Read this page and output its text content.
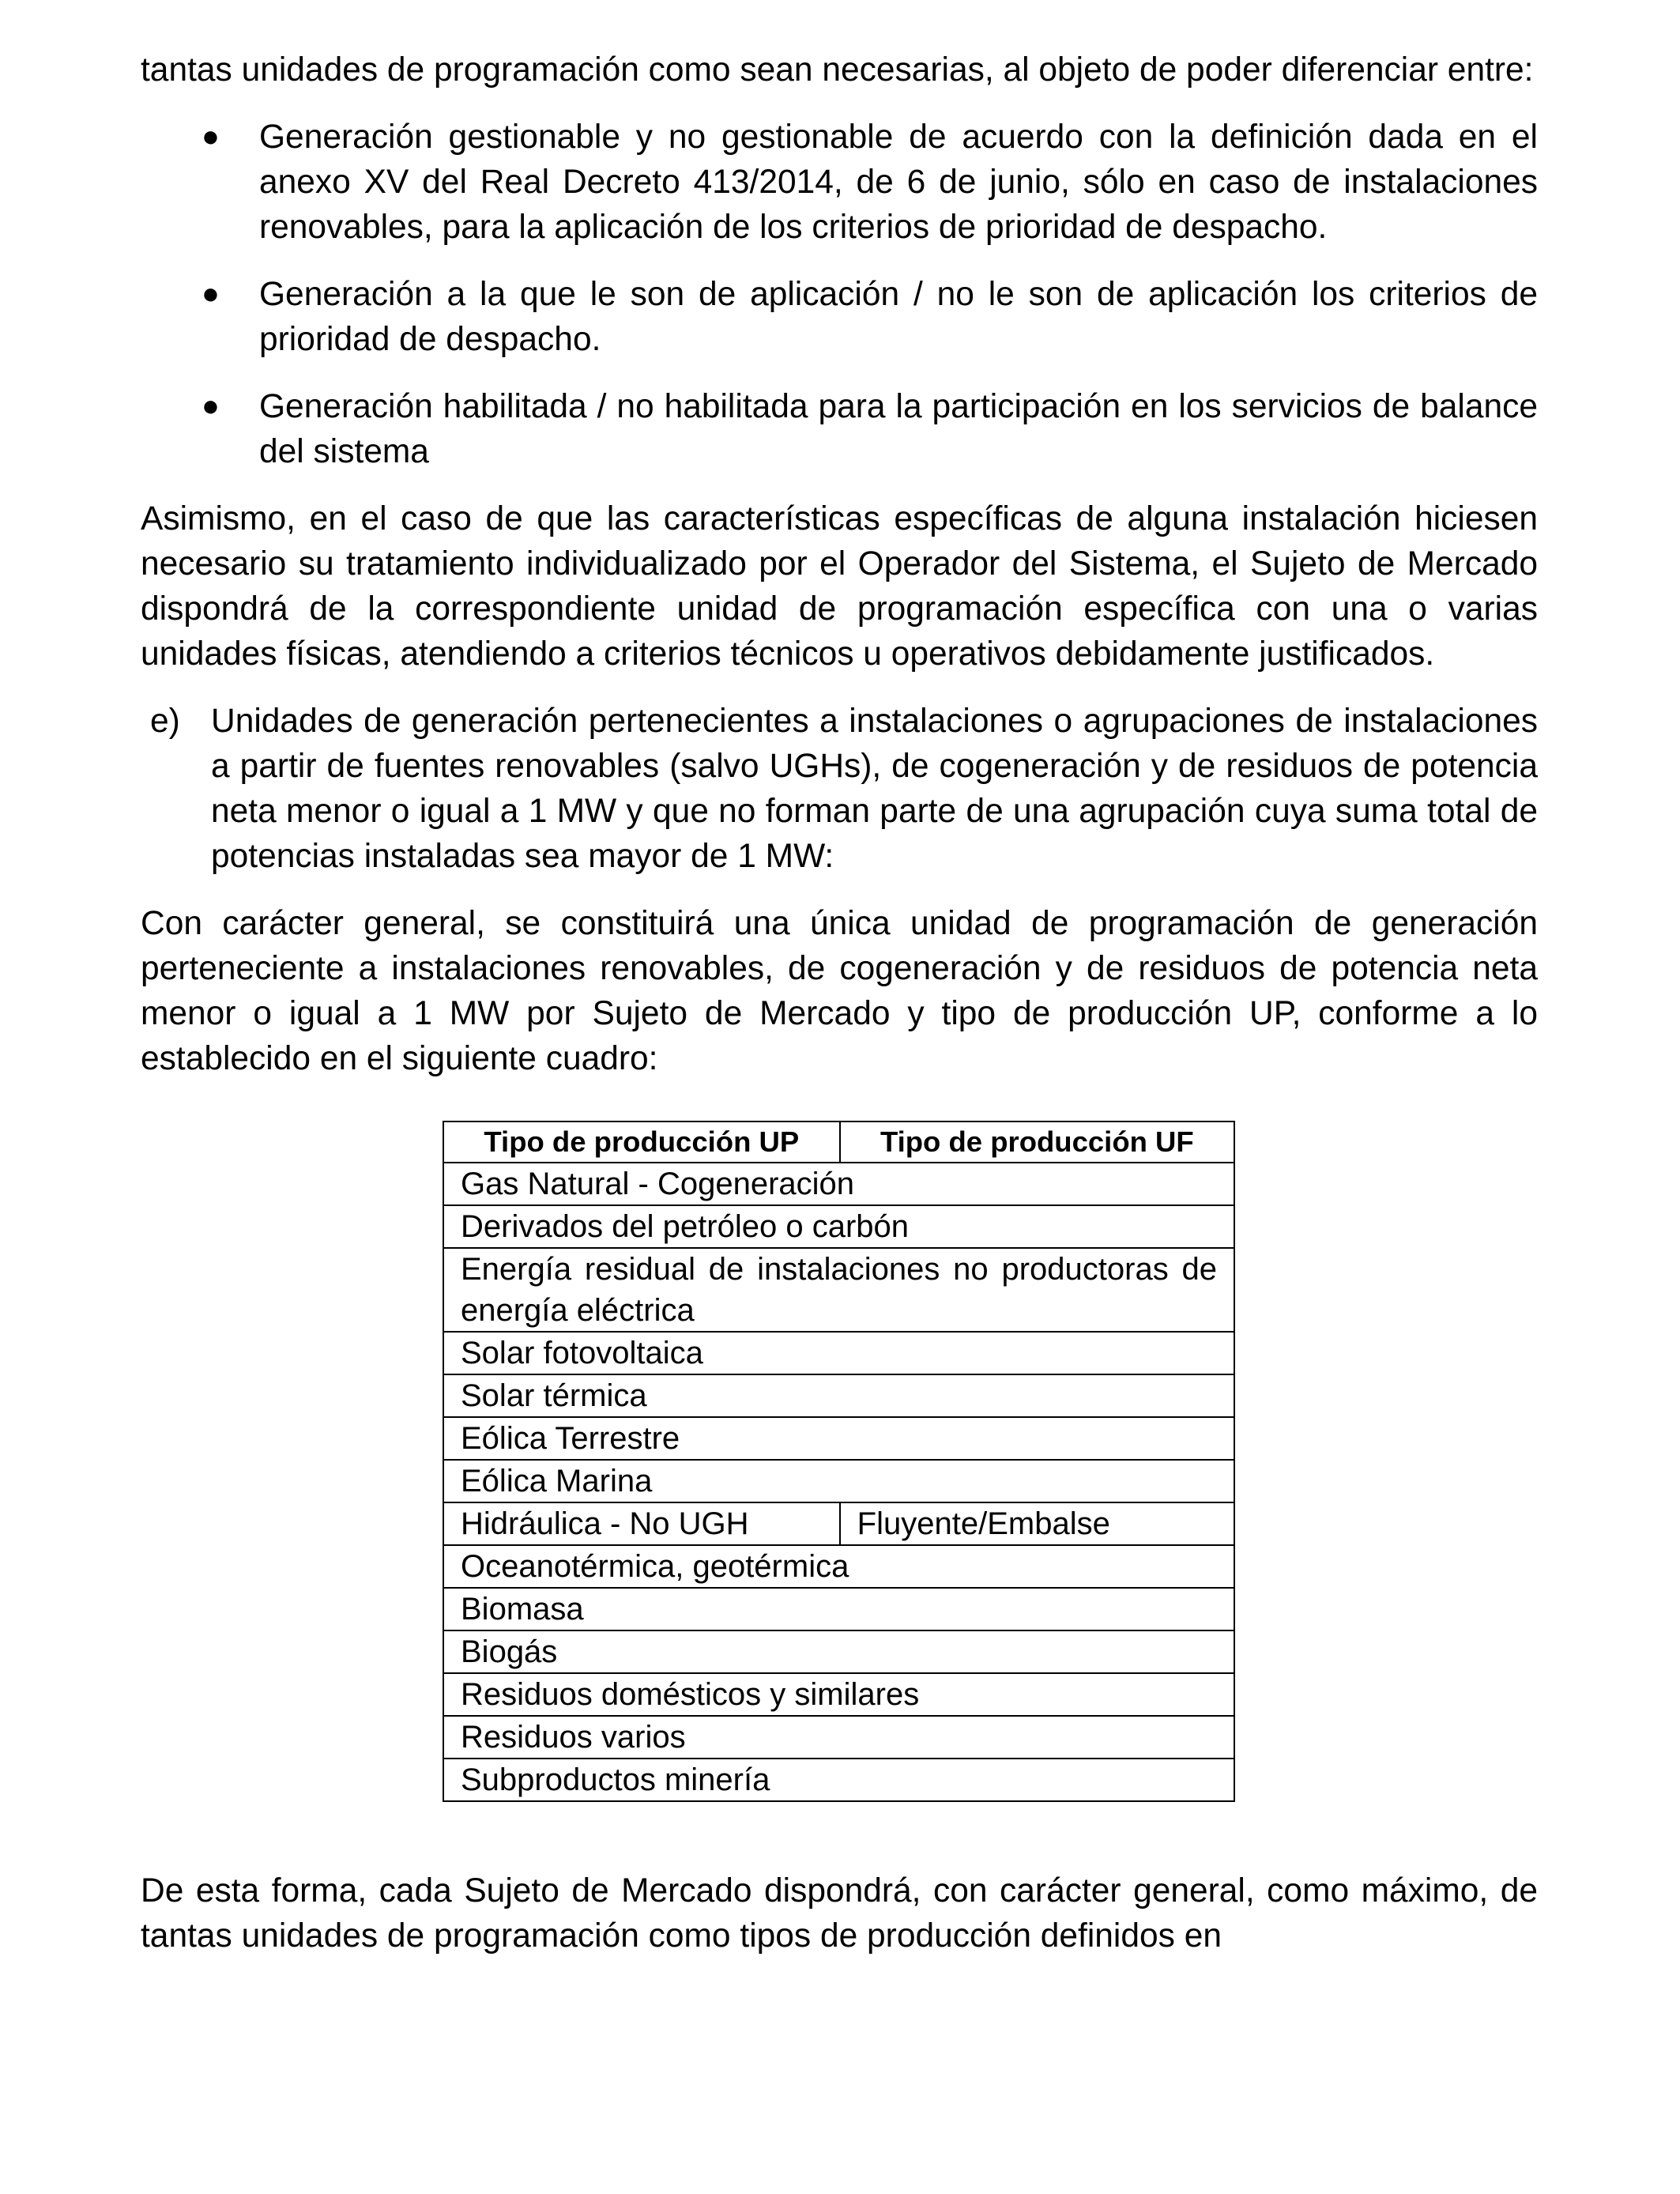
tantas unidades de programación como sean necesarias, al objeto de poder diferenciar entre:

● Generación gestionable y no gestionable de acuerdo con la definición dada en el anexo XV del Real Decreto 413/2014, de 6 de junio, sólo en caso de instalaciones renovables, para la aplicación de los criterios de prioridad de despacho.
● Generación a la que le son de aplicación / no le son de aplicación los criterios de prioridad de despacho.
● Generación habilitada / no habilitada para la participación en los servicios de balance del sistema

Asimismo, en el caso de que las características específicas de alguna instalación hiciesen necesario su tratamiento individualizado por el Operador del Sistema, el Sujeto de Mercado dispondrá de la correspondiente unidad de programación específica con una o varias unidades físicas, atendiendo a criterios técnicos u operativos debidamente justificados.

e) Unidades de generación pertenecientes a instalaciones o agrupaciones de instalaciones a partir de fuentes renovables (salvo UGHs), de cogeneración y de residuos de potencia neta menor o igual a 1 MW y que no forman parte de una agrupación cuya suma total de potencias instaladas sea mayor de 1 MW:

Con carácter general, se constituirá una única unidad de programación de generación perteneciente a instalaciones renovables, de cogeneración y de residuos de potencia neta menor o igual a 1 MW por Sujeto de Mercado y tipo de producción UP, conforme a lo establecido en el siguiente cuadro:

Tipo de producción UP	Tipo de producción UF
Gas Natural - Cogeneración	
Derivados del petróleo o carbón	
Energía residual de instalaciones no productoras de energía eléctrica	
Solar fotovoltaica	
Solar térmica	
Eólica Terrestre	
Eólica Marina	
Hidráulica - No UGH	Fluyente/Embalse
Oceanotérmica, geotérmica	
Biomasa	
Biogás	
Residuos domésticos y similares	
Residuos varios	
Subproductos minería	

De esta forma, cada Sujeto de Mercado dispondrá, con carácter general, como máximo, de tantas unidades de programación como tipos de producción definidos en
